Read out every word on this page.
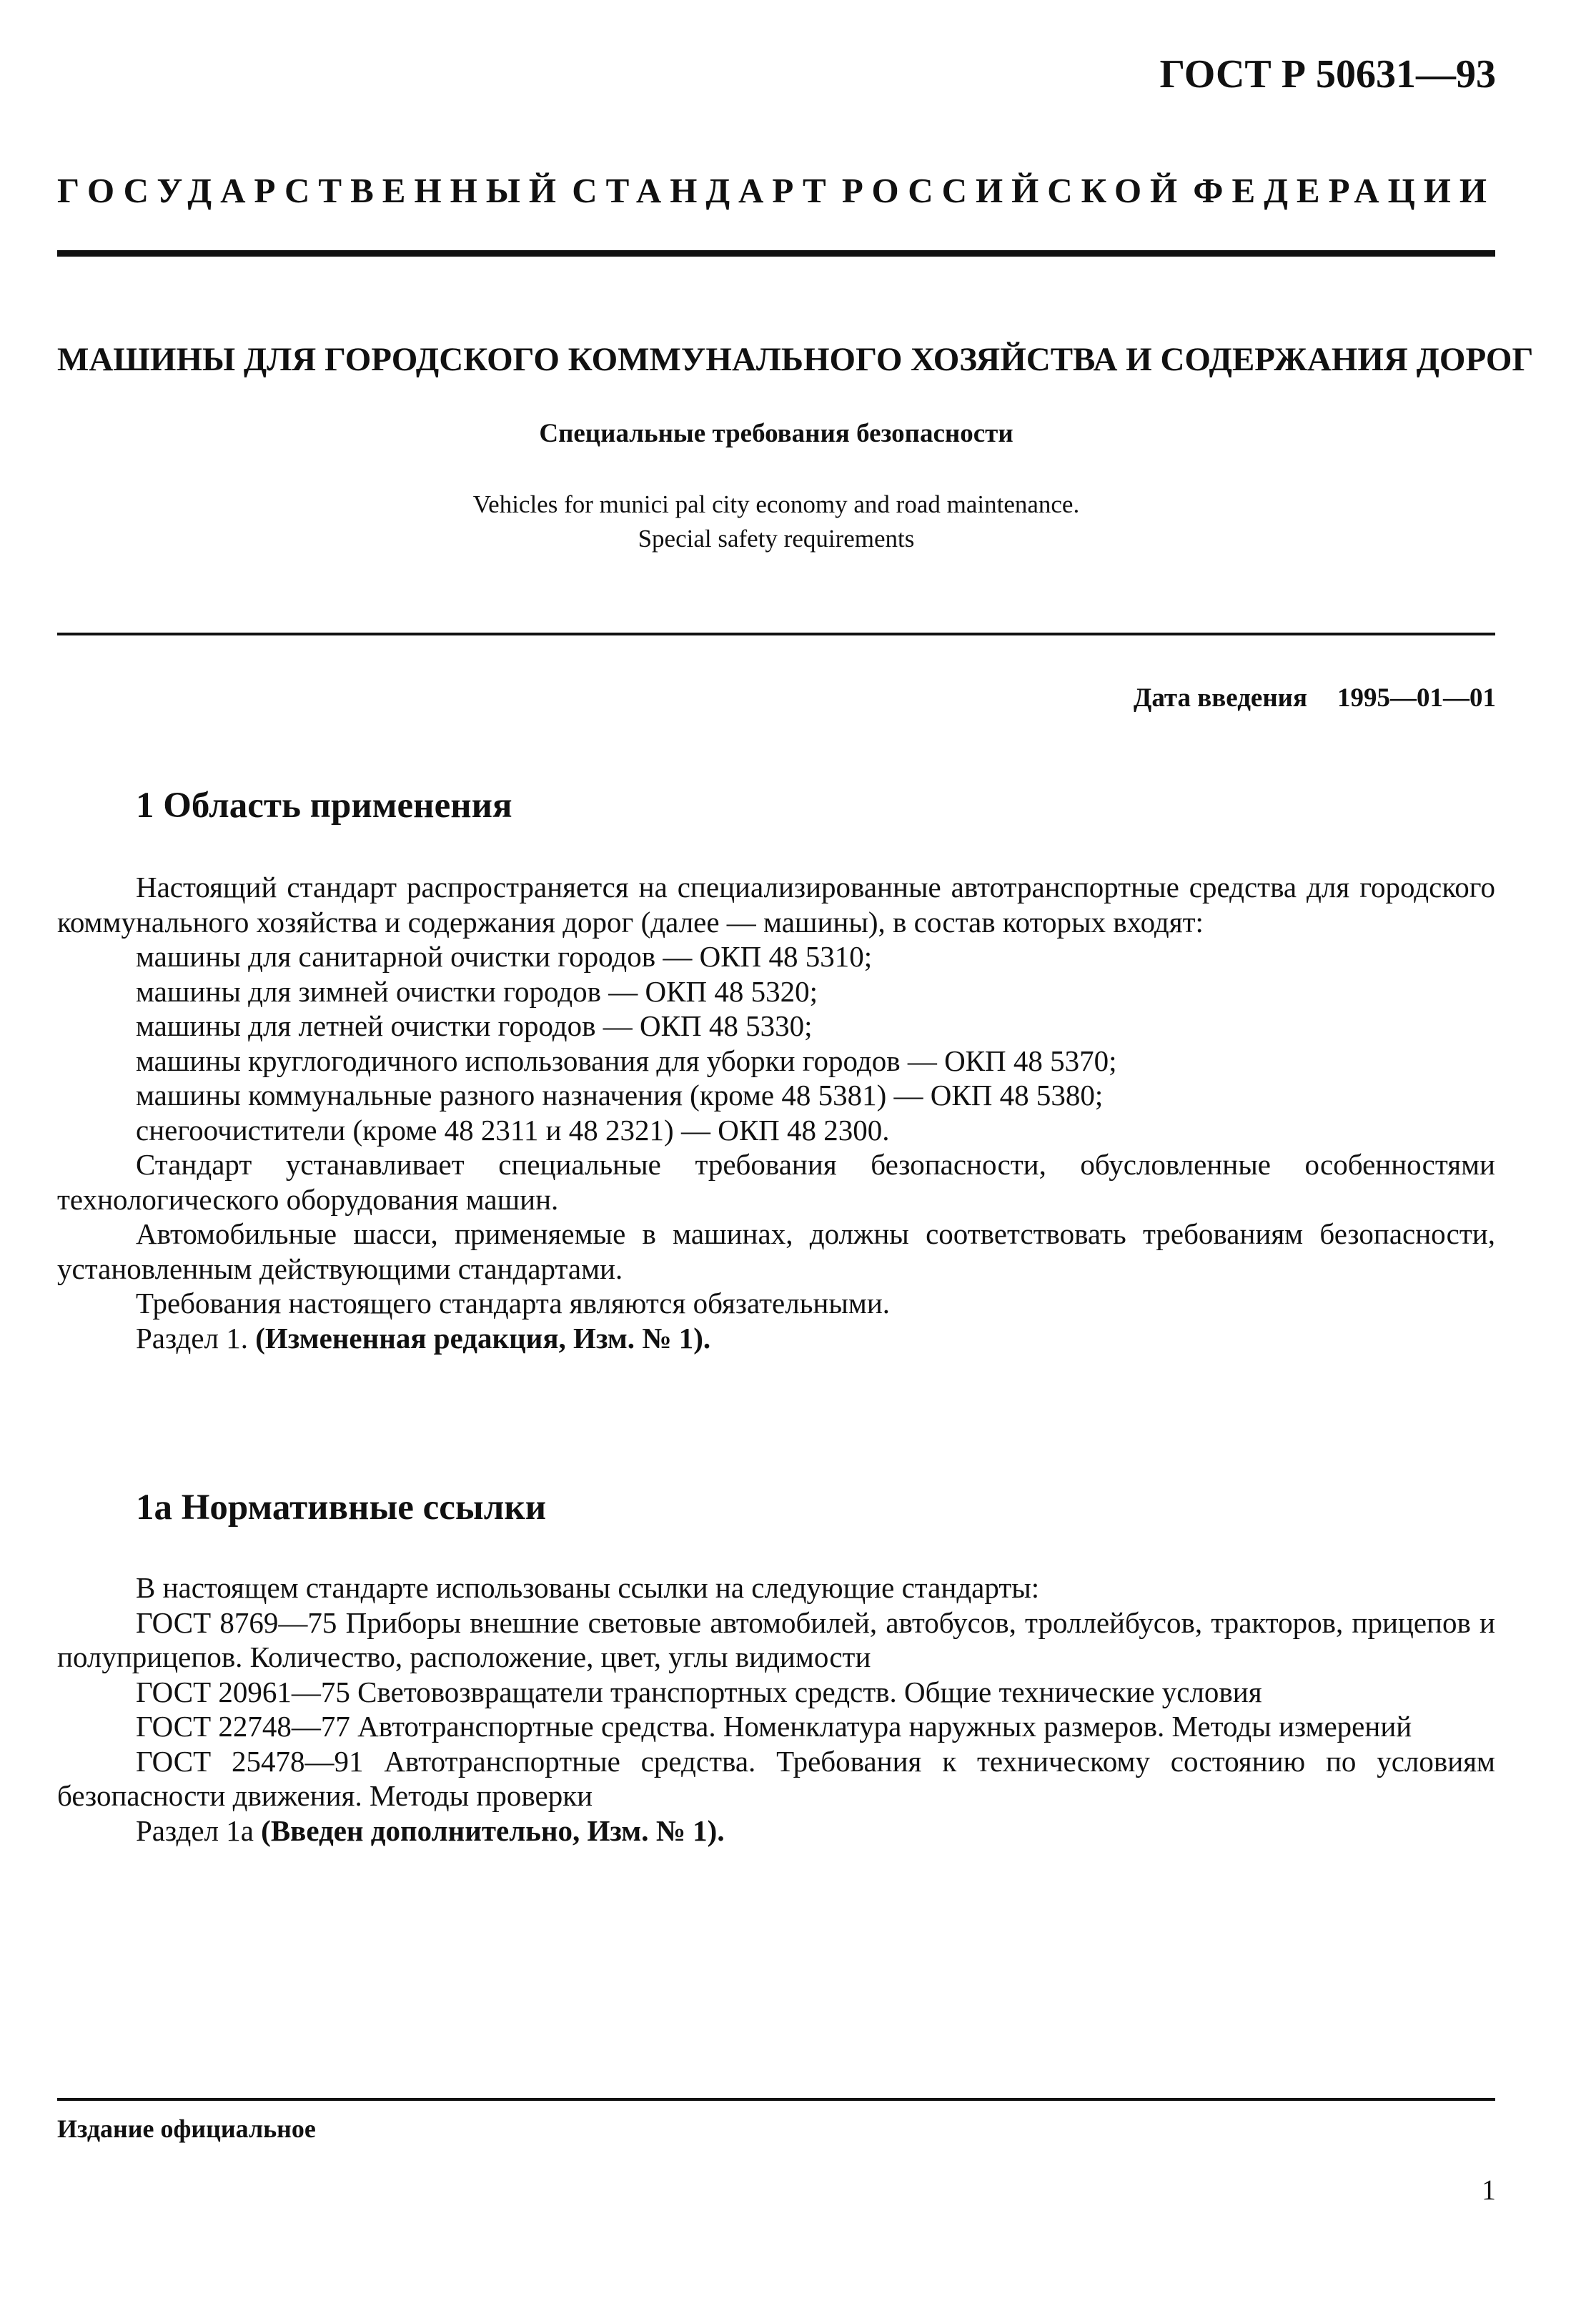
ГОСТ Р 50631—93
ГОСУДАРСТВЕННЫЙ СТАНДАРТ РОССИЙСКОЙ ФЕДЕРАЦИИ
МАШИНЫ ДЛЯ ГОРОДСКОГО КОММУНАЛЬНОГО ХОЗЯЙСТВА И СОДЕРЖАНИЯ ДОРОГ
Специальные требования безопасности
Vehicles for munici pal city economy and road maintenance.
Special safety requirements
Дата введения 1995—01—01
1 Область применения

Настоящий стандарт распространяется на специализированные автотранспортные средства для городского коммунального хозяйства и содержания дорог (далее — машины), в состав которых входят:

машины для санитарной очистки городов — ОКП 48 5310;

машины для зимней очистки городов — ОКП 48 5320;

машины для летней очистки городов — ОКП 48 5330;

машины круглогодичного использования для уборки городов — ОКП 48 5370;

машины коммунальные разного назначения (кроме 48 5381) — ОКП 48 5380;

снегоочистители (кроме 48 2311 и 48 2321) — ОКП 48 2300.

Стандарт устанавливает специальные требования безопасности, обусловленные особенностями технологического оборудования машин.

Автомобильные шасси, применяемые в машинах, должны соответствовать требованиям безопасности, установленным действующими стандартами.

Требования настоящего стандарта являются обязательными.

Раздел 1. (Измененная редакция, Изм. № 1).

1а Нормативные ссылки

В настоящем стандарте использованы ссылки на следующие стандарты:

ГОСТ 8769—75 Приборы внешние световые автомобилей, автобусов, троллейбусов, тракторов, прицепов и полуприцепов. Количество, расположение, цвет, углы видимости

ГОСТ 20961—75 Световозвращатели транспортных средств. Общие технические условия

ГОСТ 22748—77 Автотранспортные средства. Номенклатура наружных размеров. Методы измерений

ГОСТ 25478—91 Автотранспортные средства. Требования к техническому состоянию по условиям безопасности движения. Методы проверки

Раздел 1а (Введен дополнительно, Изм. № 1).

Издание официальное
1
